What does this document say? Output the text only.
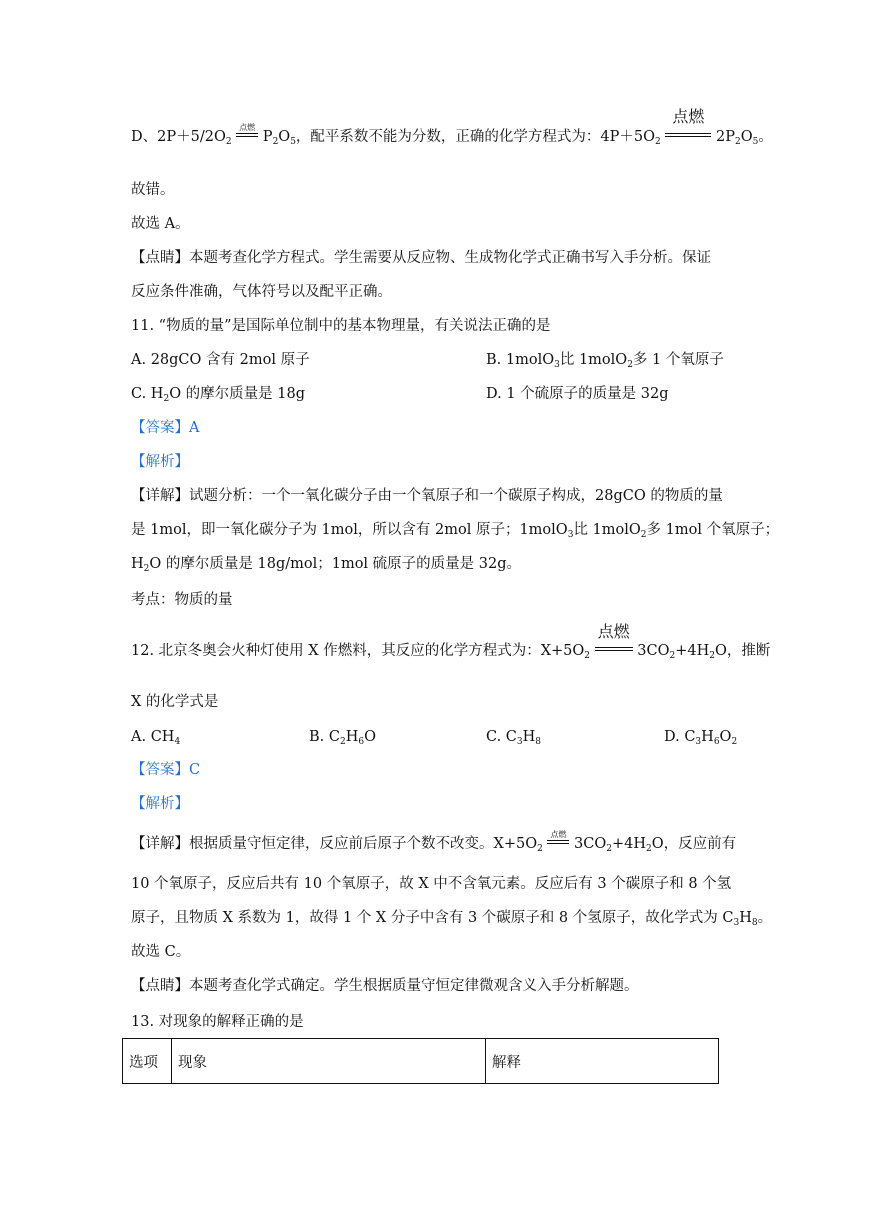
D、$2P+5/2O_2$
点燃
$P_2O_5$，配平系数不能为分数，正确的化学方程式为：$4P+5O_2$
点燃
$2P_2O_5$。
故错。
故选 A。
【点睛】本题考查化学方程式。学生需要从反应物、生成物化学式正确书写入手分析。保证
反应条件准确，气体符号以及配平正确。
11. “物质的量”是国际单位制中的基本物理量，有关说法正确的是
A. 28gCO 含有 2mol 原子	B. 1molO$_3$比 1molO$_2$多 1 个氧原子
C. $H_2O$ 的摩尔质量是 18g	D. 1 个硫原子的质量是 32g
【答案】A
【解析】
【详解】试题分析：一个一氧化碳分子由一个氧原子和一个碳原子构成，28gCO 的物质的量
是 1mol，即一氧化碳分子为 1mol，所以含有 2mol 原子；1molO$_3$比 1molO$_2$多 1mol 个氧原子；
$H_2O$ 的摩尔质量是 18g/mol；1mol 硫原子的质量是 32g。
考点：物质的量
12. 北京冬奥会火种灯使用 X 作燃料，其反应的化学方程式为：$X+5O_2$
点燃
$3CO_2+4H_2O$，推断
X 的化学式是
A. $CH_4$	B. $C_2H_6O$	C. $C_3H_8$	D. $C_3H_6O_2$
【答案】C
【解析】
【详解】根据质量守恒定律，反应前后原子个数不改变。$X+5O_2$
点燃
$3CO_2+4H_2O$，反应前有
10 个氧原子，反应后共有 10 个氧原子，故 X 中不含氧元素。反应后有 3 个碳原子和 8 个氢
原子，且物质 X 系数为 1，故得 1 个 X 分子中含有 3 个碳原子和 8 个氢原子，故化学式为 $C_3H_8$。
故选 C。
【点睛】本题考查化学式确定。学生根据质量守恒定律微观含义入手分析解题。
13. 对现象的解释正确的是
选项	现象	解释
